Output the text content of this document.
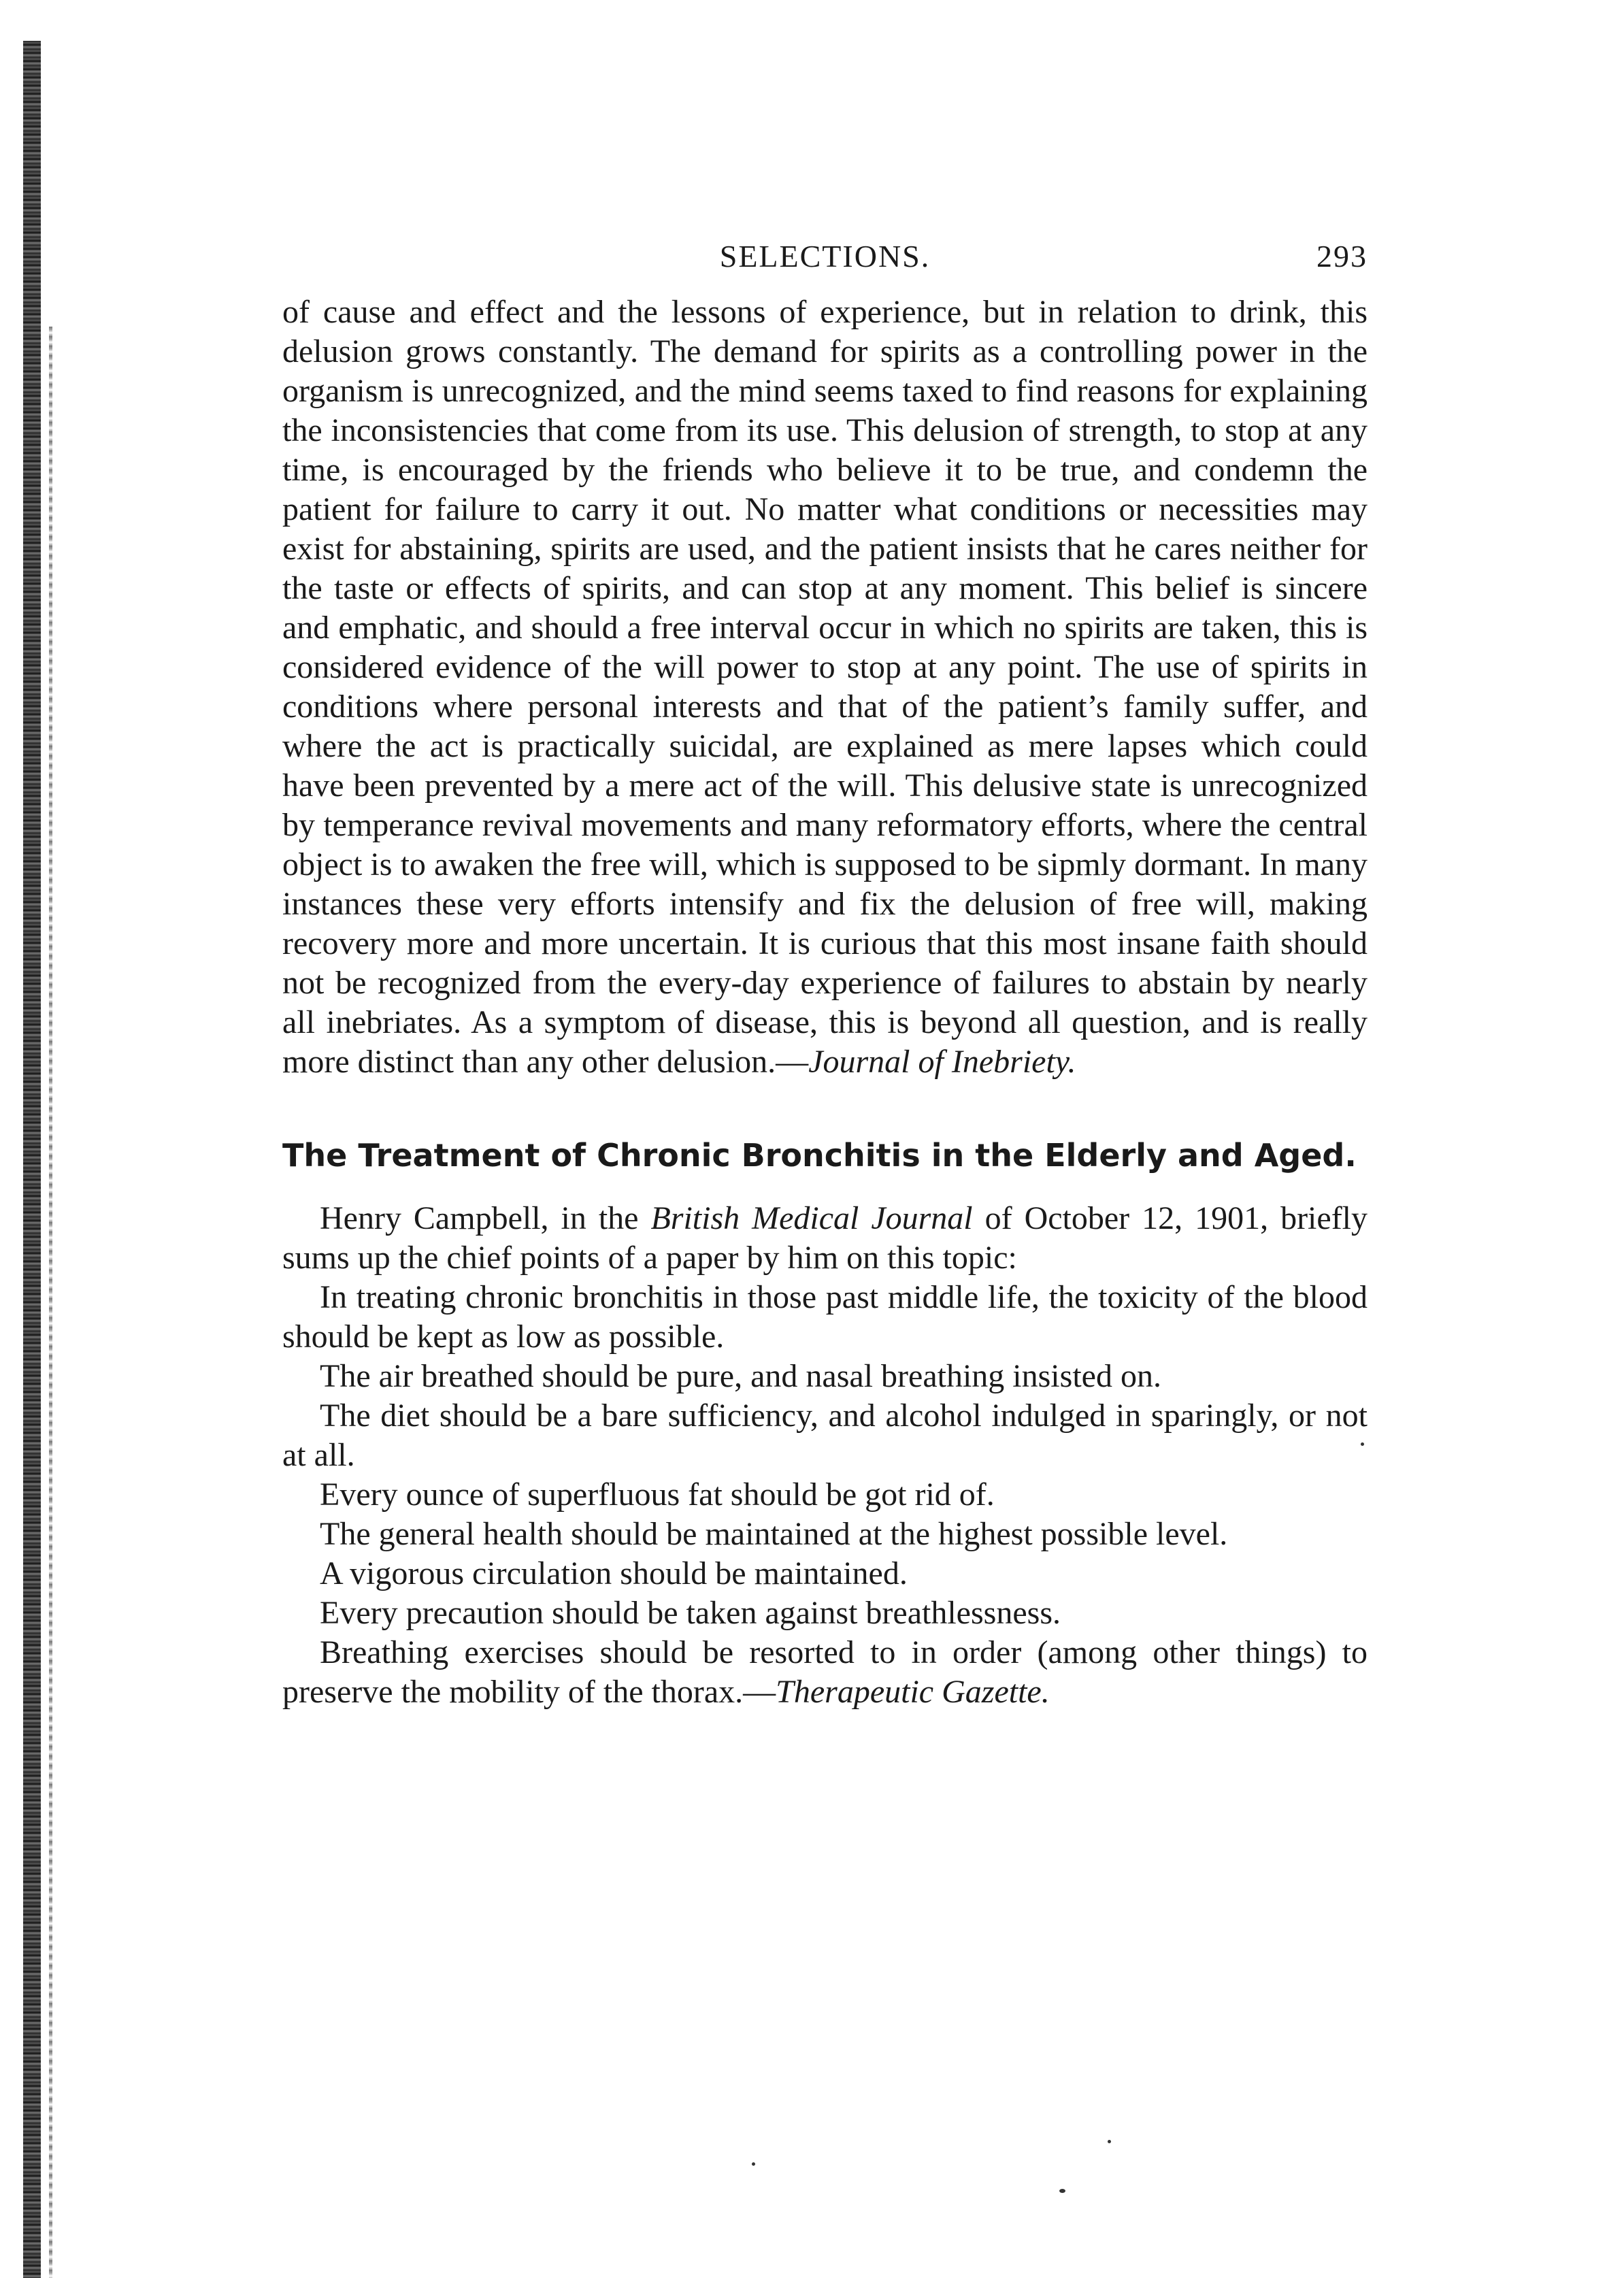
SELECTIONS.	293

of cause and effect and the lessons of experience, but in relation to drink, this delusion grows constantly. The demand for spirits as a controlling power in the organism is unrecognized, and the mind seems taxed to find reasons for explaining the inconsistencies that come from its use. This delusion of strength, to stop at any time, is encouraged by the friends who believe it to be true, and condemn the patient for failure to carry it out. No matter what conditions or necessities may exist for abstaining, spirits are used, and the patient insists that he cares neither for the taste or effects of spirits, and can stop at any moment. This belief is sincere and emphatic, and should a free interval occur in which no spirits are taken, this is considered evidence of the will power to stop at any point. The use of spirits in conditions where personal interests and that of the patient’s family suffer, and where the act is practically suicidal, are explained as mere lapses which could have been prevented by a mere act of the will. This delusive state is unrecognized by temperance revival movements and many reformatory efforts, where the central object is to awaken the free will, which is supposed to be sipmly dormant. In many instances these very efforts intensify and fix the delusion of free will, making recovery more and more uncertain. It is curious that this most insane faith should not be recognized from the every-day experience of failures to abstain by nearly all inebriates. As a symptom of disease, this is beyond all question, and is really more distinct than any other delusion.—Journal of Inebriety.

The Treatment of Chronic Bronchitis in the Elderly and Aged.

Henry Campbell, in the British Medical Journal of October 12, 1901, briefly sums up the chief points of a paper by him on this topic:

In treating chronic bronchitis in those past middle life, the toxicity of the blood should be kept as low as possible.

The air breathed should be pure, and nasal breathing insisted on.

The diet should be a bare sufficiency, and alcohol indulged in sparingly, or not at all.

Every ounce of superfluous fat should be got rid of.

The general health should be maintained at the highest possible level.

A vigorous circulation should be maintained.

Every precaution should be taken against breathlessness.

Breathing exercises should be resorted to in order (among other things) to preserve the mobility of the thorax.—Therapeutic Gazette.
